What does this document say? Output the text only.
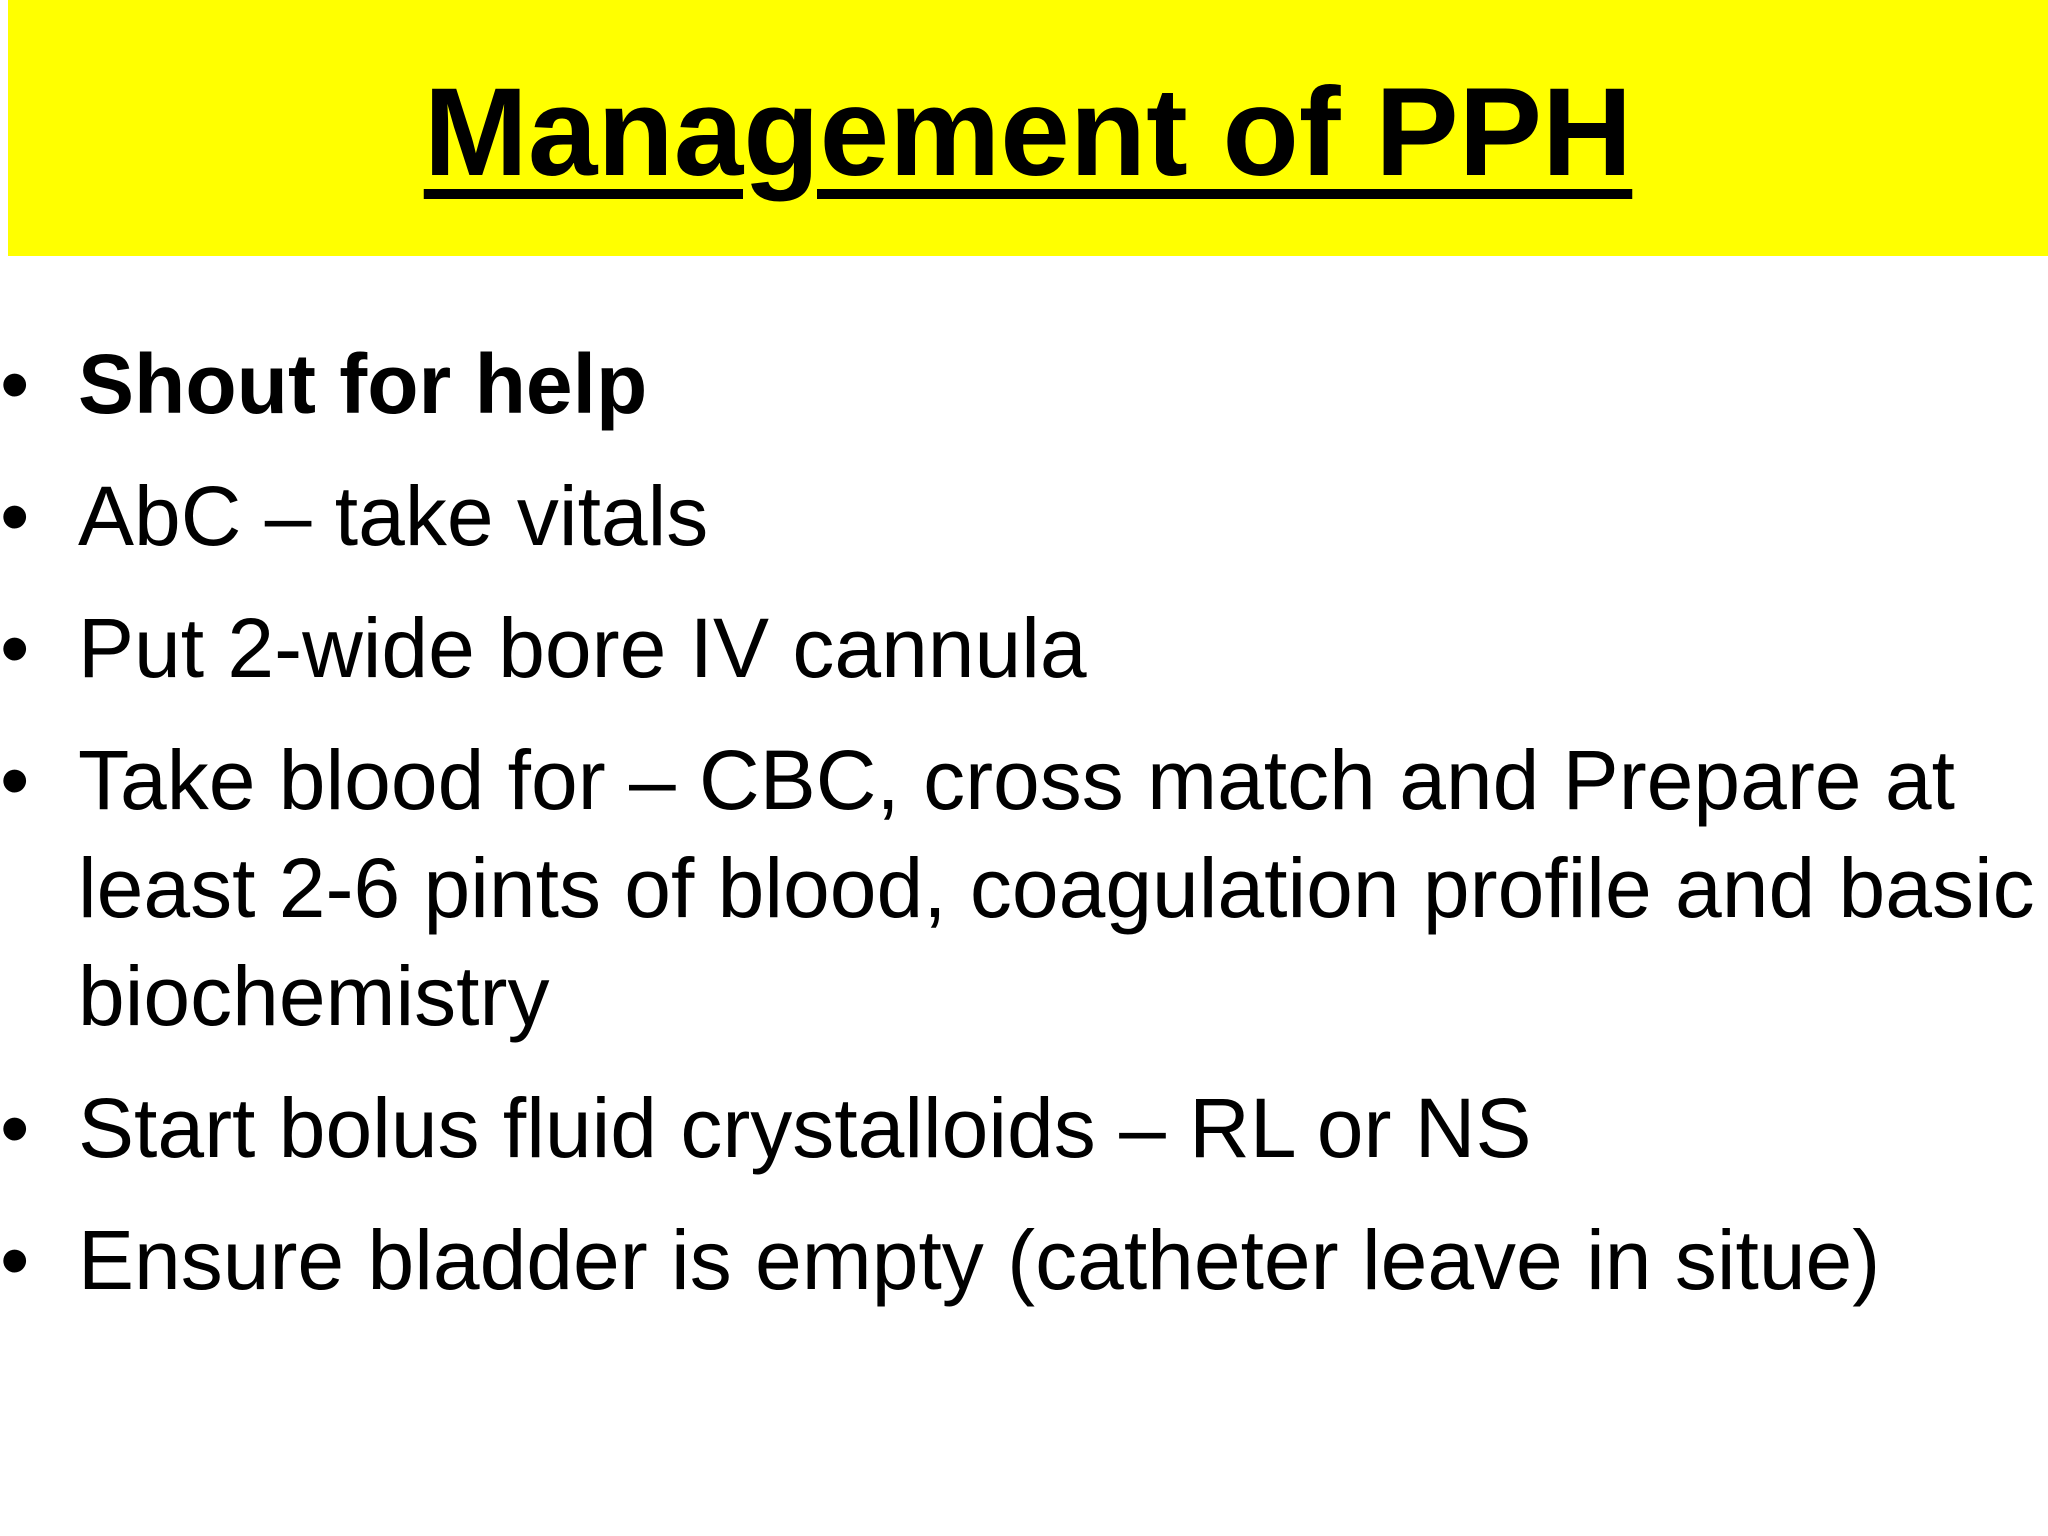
Management of PPH
• Shout for help
• AbC – take vitals
• Put 2-wide bore IV cannula
• Take blood for – CBC, cross match and Prepare at least 2-6 pints of blood, coagulation profile and basic biochemistry
• Start bolus fluid crystalloids – RL or NS
• Ensure bladder is empty (catheter leave in situe)
